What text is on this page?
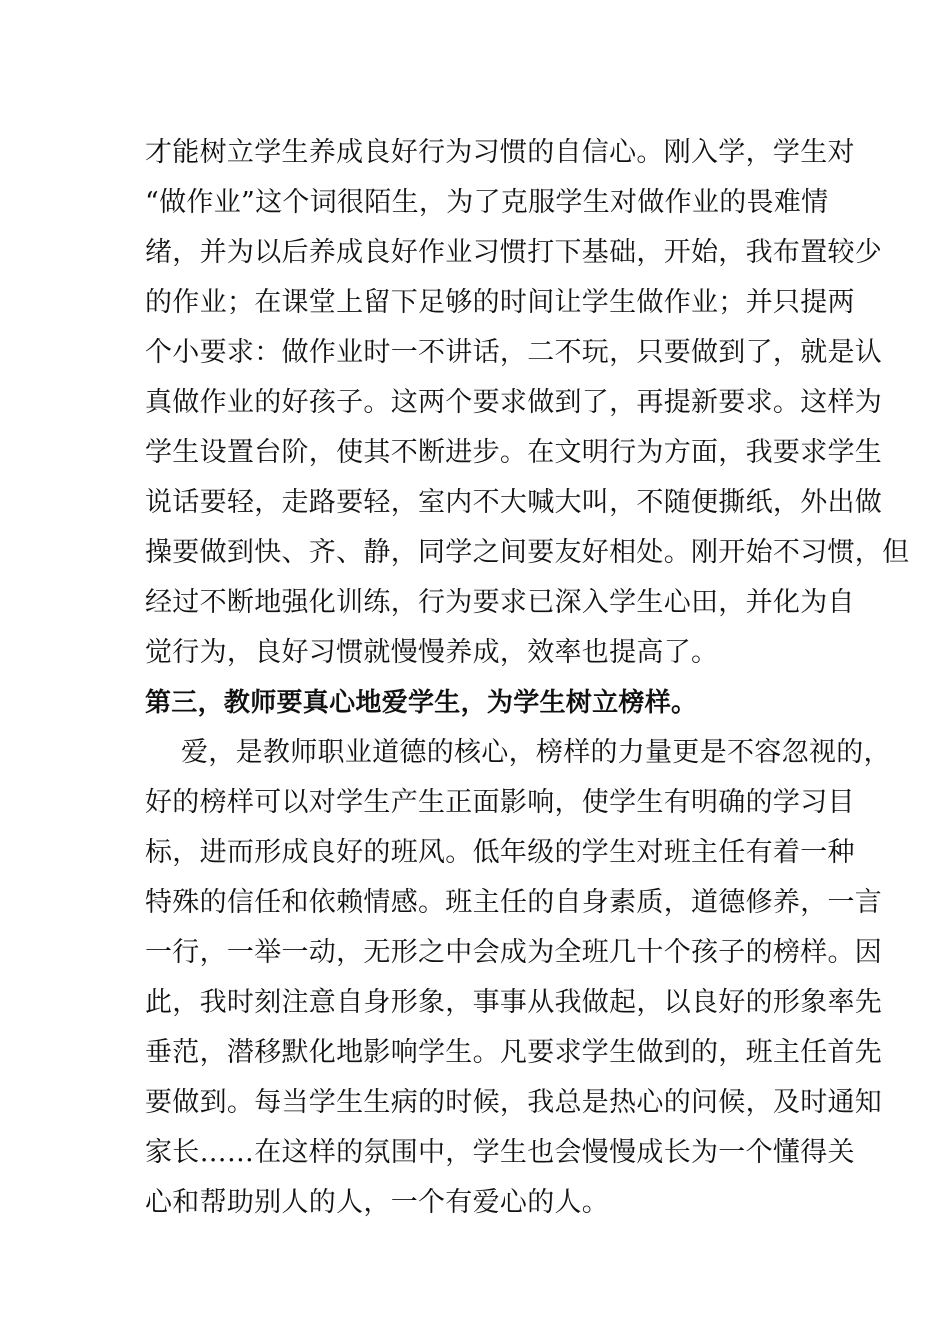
才能树立学生养成良好行为习惯的自信心。刚入学，学生对
“做作业”这个词很陌生，为了克服学生对做作业的畏难情
绪，并为以后养成良好作业习惯打下基础，开始，我布置较少
的作业；在课堂上留下足够的时间让学生做作业；并只提两
个小要求：做作业时一不讲话，二不玩，只要做到了，就是认
真做作业的好孩子。这两个要求做到了，再提新要求。这样为
学生设置台阶，使其不断进步。在文明行为方面，我要求学生
说话要轻，走路要轻，室内不大喊大叫，不随便撕纸，外出做
操要做到快、齐、静，同学之间要友好相处。刚开始不习惯，但
经过不断地强化训练，行为要求已深入学生心田，并化为自
觉行为，良好习惯就慢慢养成，效率也提高了。
第三，教师要真心地爱学生，为学生树立榜样。
爱，是教师职业道德的核心，榜样的力量更是不容忽视的，
好的榜样可以对学生产生正面影响，使学生有明确的学习目
标，进而形成良好的班风。低年级的学生对班主任有着一种
特殊的信任和依赖情感。班主任的自身素质，道德修养，一言
一行，一举一动，无形之中会成为全班几十个孩子的榜样。因
此，我时刻注意自身形象，事事从我做起，以良好的形象率先
垂范，潜移默化地影响学生。凡要求学生做到的，班主任首先
要做到。每当学生生病的时候，我总是热心的问候，及时通知
家长……在这样的氛围中，学生也会慢慢成长为一个懂得关
心和帮助别人的人，一个有爱心的人。
